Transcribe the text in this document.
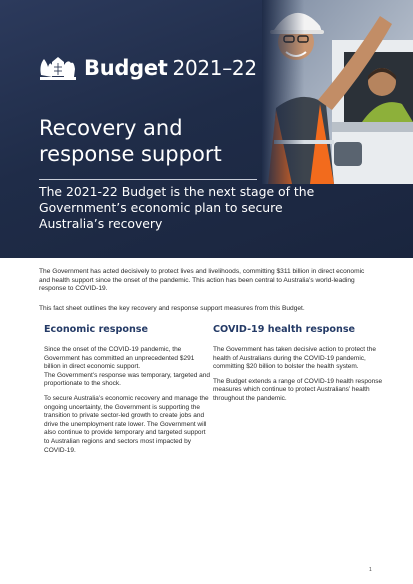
Budget 2021–22
Recovery and
response support
The 2021-22 Budget is the next stage of the Government’s economic plan to secure Australia’s recovery

The Government has acted decisively to protect lives and livelihoods, committing $311 billion in direct economic and health support since the onset of the pandemic. This action has been central to Australia’s world-leading response to COVID-19.

This fact sheet outlines the key recovery and response support measures from this Budget.

Economic response	COVID-19 health response

Since the onset of the COVID-19 pandemic, the Government has committed an unprecedented $291 billion in direct economic support.

The Government’s response was temporary, targeted and proportionate to the shock.

To secure Australia’s economic recovery and manage the ongoing uncertainty, the Government is supporting the transition to private sector-led growth to create jobs and drive the unemployment rate lower. The Government will also continue to provide temporary and targeted support to Australian regions and sectors most impacted by COVID-19.

The Government has taken decisive action to protect the health of Australians during the COVID-19 pandemic, committing $20 billion to bolster the health system.

The Budget extends a range of COVID-19 health response measures which continue to protect Australians’ health throughout the pandemic.

1
